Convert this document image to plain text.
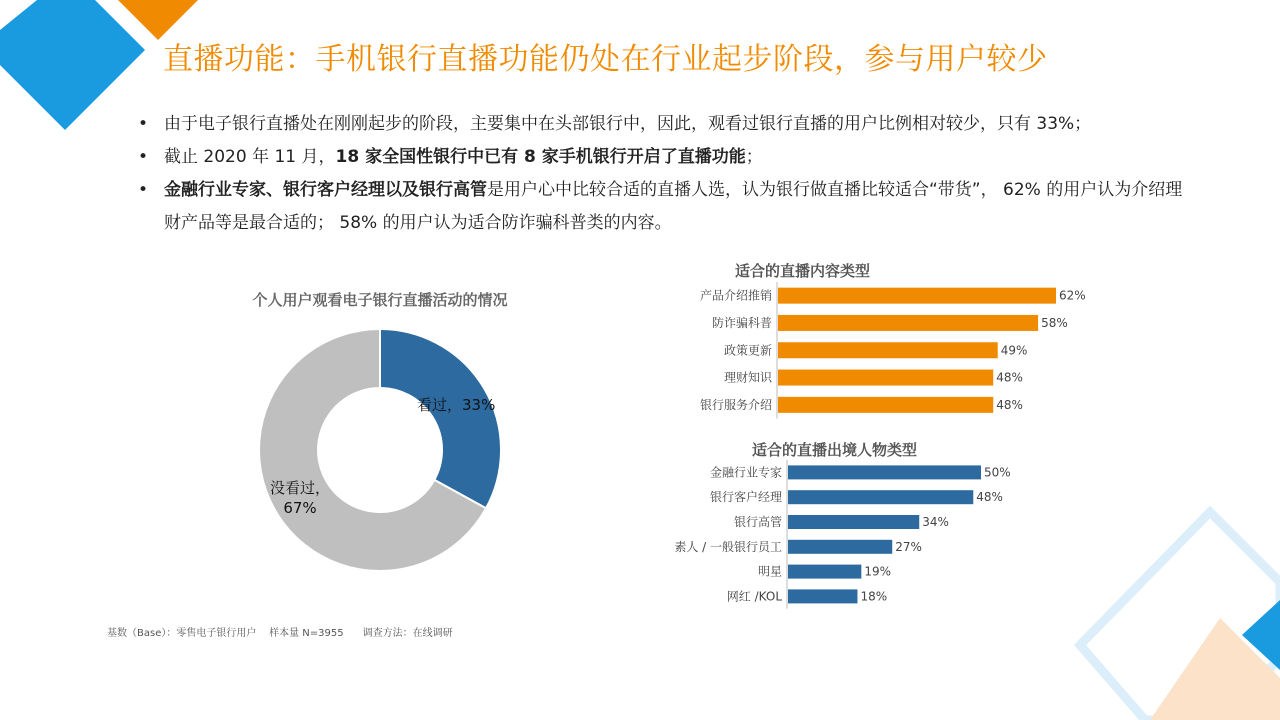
直播功能：手机银行直播功能仍处在行业起步阶段，参与用户较少
• 由于电子银行直播处在刚刚起步的阶段，主要集中在头部银行中，因此，观看过银行直播的用户比例相对较少，只有 33%；
• 截止 2020 年 11 月，18 家全国性银行中已有 8 家手机银行开启了直播功能；
• 金融行业专家、银行客户经理以及银行高管是用户心中比较合适的直播人选，认为银行做直播比较适合“带货”， 62% 的用户认为介绍理财产品等是最合适的； 58% 的用户认为适合防诈骗科普类的内容。
个人用户观看电子银行直播活动的情况
看过，33%
没看过，
67%
适合的直播内容类型
产品介绍推销	62%
防诈骗科普	58%
政策更新	49%
理财知识	48%
银行服务介绍	48%
适合的直播出境人物类型
金融行业专家	50%
银行客户经理	48%
银行高管	34%
素人 / 一般银行员工	27%
明星	19%
网红 /KOL	18%
基数（Base）：零售电子银行用户    样本量 N=3955      调查方法：在线调研
